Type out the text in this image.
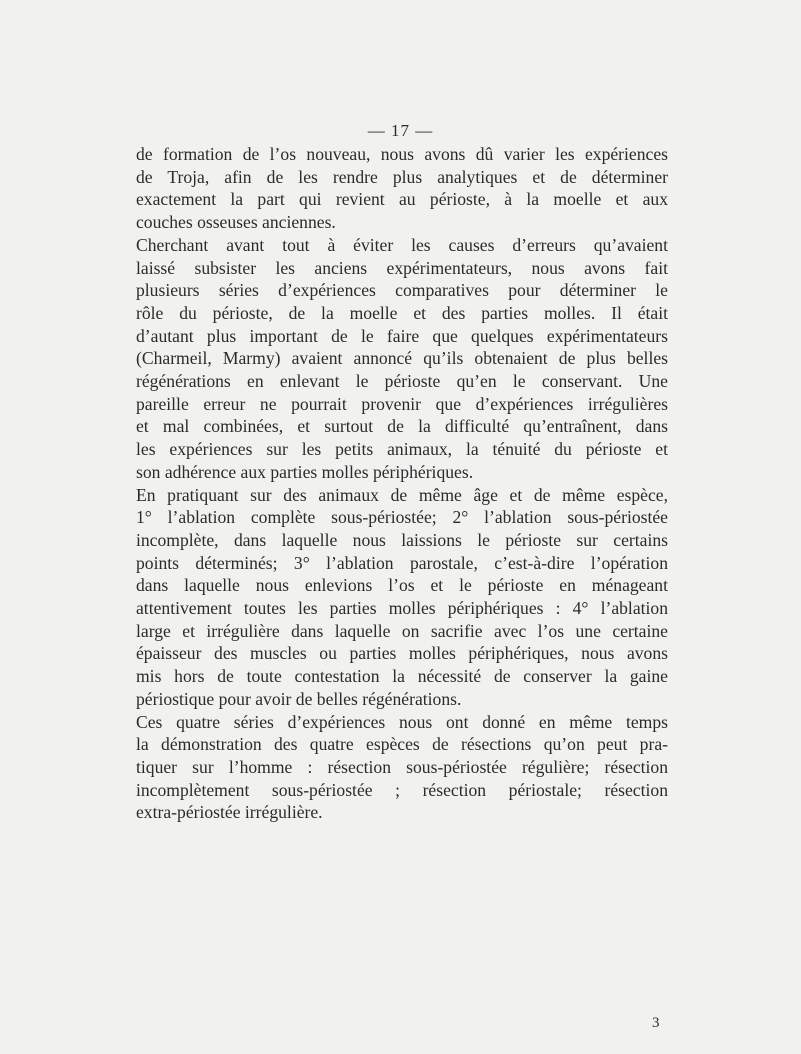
— 17 —
de formation de l’os nouveau, nous avons dû varier les expériences
de Troja, afin de les rendre plus analytiques et de déterminer
exactement la part qui revient au périoste, à la moelle et aux
couches osseuses anciennes.
Cherchant avant tout à éviter les causes d’erreurs qu’avaient
laissé subsister les anciens expérimentateurs, nous avons fait
plusieurs séries d’expériences comparatives pour déterminer le
rôle du périoste, de la moelle et des parties molles. Il était
d’autant plus important de le faire que quelques expérimentateurs
(Charmeil, Marmy) avaient annoncé qu’ils obtenaient de plus belles
régénérations en enlevant le périoste qu’en le conservant. Une
pareille erreur ne pourrait provenir que d’expériences irrégulières
et mal combinées, et surtout de la difficulté qu’entraînent, dans
les expériences sur les petits animaux, la ténuité du périoste et
son adhérence aux parties molles périphériques.
En pratiquant sur des animaux de même âge et de même espèce,
1° l’ablation complète sous-périostée; 2° l’ablation sous-périostée
incomplète, dans laquelle nous laissions le périoste sur certains
points déterminés; 3° l’ablation parostale, c’est-à-dire l’opération
dans laquelle nous enlevions l’os et le périoste en ménageant
attentivement toutes les parties molles périphériques : 4° l’ablation
large et irrégulière dans laquelle on sacrifie avec l’os une certaine
épaisseur des muscles ou parties molles périphériques, nous avons
mis hors de toute contestation la nécessité de conserver la gaine
périostique pour avoir de belles régénérations.
Ces quatre séries d’expériences nous ont donné en même temps
la démonstration des quatre espèces de résections qu’on peut pra-
tiquer sur l’homme : résection sous-périostée régulière; résection
incomplètement sous-périostée ; résection périostale; résection
extra-périostée irrégulière.
3
